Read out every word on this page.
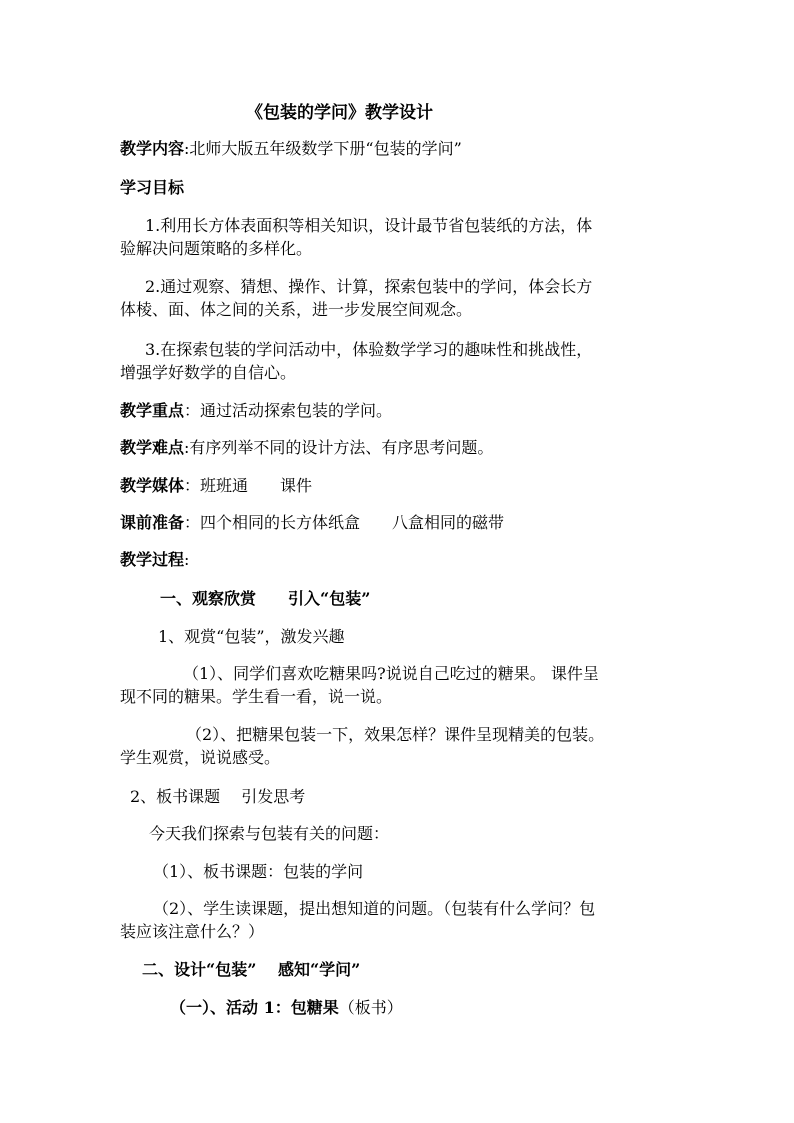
《包装的学问》教学设计
教学内容:北师大版五年级数学下册“包装的学问”
学习目标
1.利用长方体表面积等相关知识，设计最节省包装纸的方法，体
验解决问题策略的多样化。
2.通过观察、猜想、操作、计算，探索包装中的学问，体会长方
体棱、面、体之间的关系，进一步发展空间观念。
3.在探索包装的学问活动中，体验数学学习的趣味性和挑战性，
增强学好数学的自信心。
教学重点：通过活动探索包装的学问。
教学难点:有序列举不同的设计方法、有序思考问题。
教学媒体：班班通　　课件
课前准备：四个相同的长方体纸盒　　八盒相同的磁带
教学过程:
一、观察欣赏　　引入“包装”
1、观赏“包装”，激发兴趣
（1）、同学们喜欢吃糖果吗?说说自己吃过的糖果。 课件呈
现不同的糖果。学生看一看，说一说。
（2）、把糖果包装一下，效果怎样？课件呈现精美的包装。
学生观赏，说说感受。
2、板书课题　 引发思考
今天我们探索与包装有关的问题：
（1）、板书课题：包装的学问
（2）、学生读课题，提出想知道的问题。（包装有什么学问？包
装应该注意什么？）
二、设计“包装”　 感知“学问”
（一）、活动 1：包糖果（板书）
